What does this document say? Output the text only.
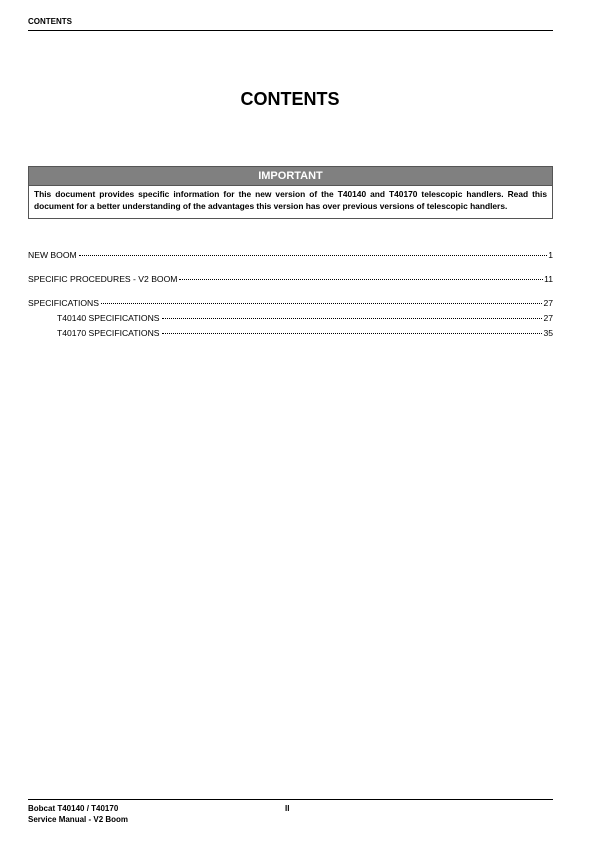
CONTENTS
CONTENTS
IMPORTANT
This document provides specific information for the new version of the T40140 and T40170 telescopic handlers. Read this document for a better understanding of the advantages this version has over previous versions of telescopic handlers.
NEW BOOM	1
SPECIFIC PROCEDURES - V2 BOOM	11
SPECIFICATIONS	27
T40140 SPECIFICATIONS	27
T40170 SPECIFICATIONS	35
Bobcat T40140 / T40170
Service Manual - V2 Boom
II
